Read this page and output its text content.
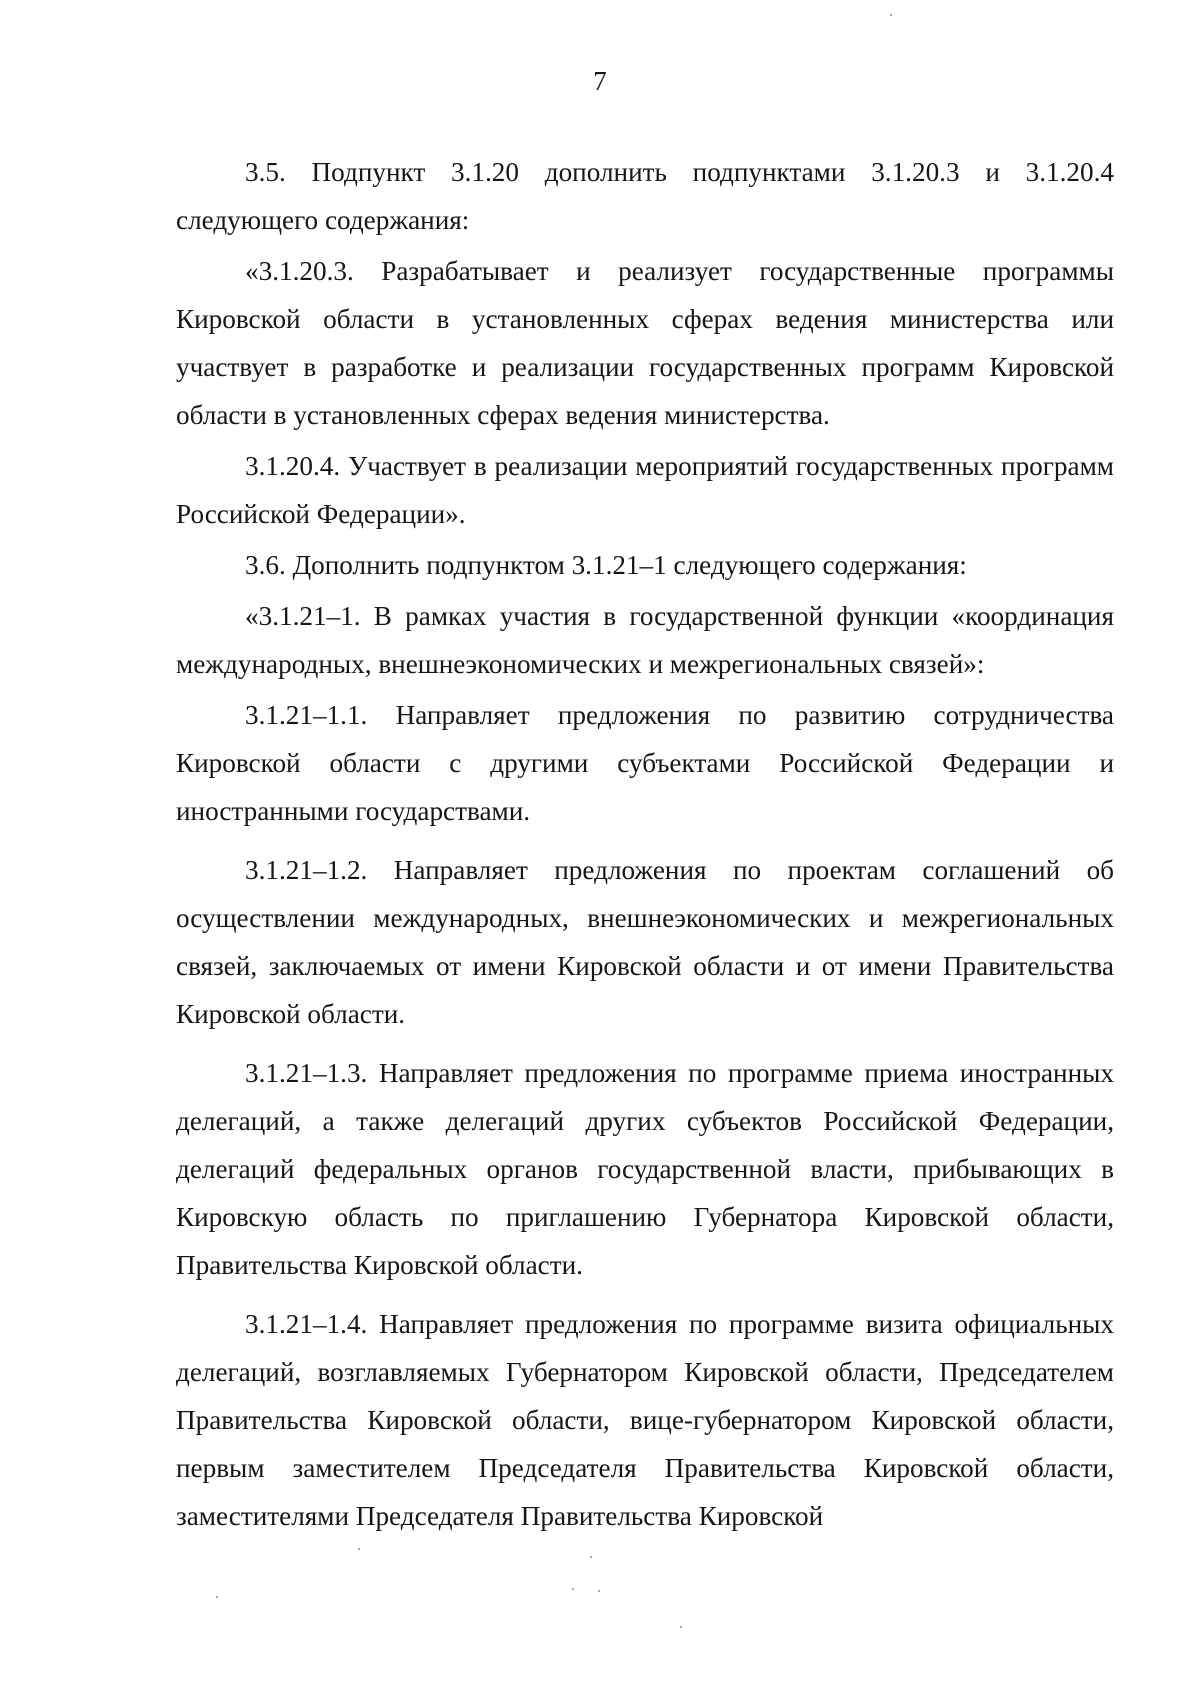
7

3.5. Подпункт 3.1.20 дополнить подпунктами 3.1.20.3 и 3.1.20.4 следующего содержания:

«3.1.20.3. Разрабатывает и реализует государственные программы Кировской области в установленных сферах ведения министерства или участвует в разработке и реализации государственных программ Кировской области в установленных сферах ведения министерства.

3.1.20.4. Участвует в реализации мероприятий государственных программ Российской Федерации».

3.6. Дополнить подпунктом 3.1.21–1 следующего содержания:

«3.1.21–1. В рамках участия в государственной функции «координация международных, внешнеэкономических и межрегиональных связей»:

3.1.21–1.1. Направляет предложения по развитию сотрудничества Кировской области с другими субъектами Российской Федерации и иностранными государствами.

3.1.21–1.2. Направляет предложения по проектам соглашений об осуществлении международных, внешнеэкономических и межрегиональных связей, заключаемых от имени Кировской области и от имени Правительства Кировской области.

3.1.21–1.3. Направляет предложения по программе приема иностранных делегаций, а также делегаций других субъектов Российской Федерации, делегаций федеральных органов государственной власти, прибывающих в Кировскую область по приглашению Губернатора Кировской области, Правительства Кировской области.

3.1.21–1.4. Направляет предложения по программе визита официальных делегаций, возглавляемых Губернатором Кировской области, Председателем Правительства Кировской области, вице-губернатором Кировской области, первым заместителем Председателя Правительства Кировской области, заместителями Председателя Правительства Кировской
